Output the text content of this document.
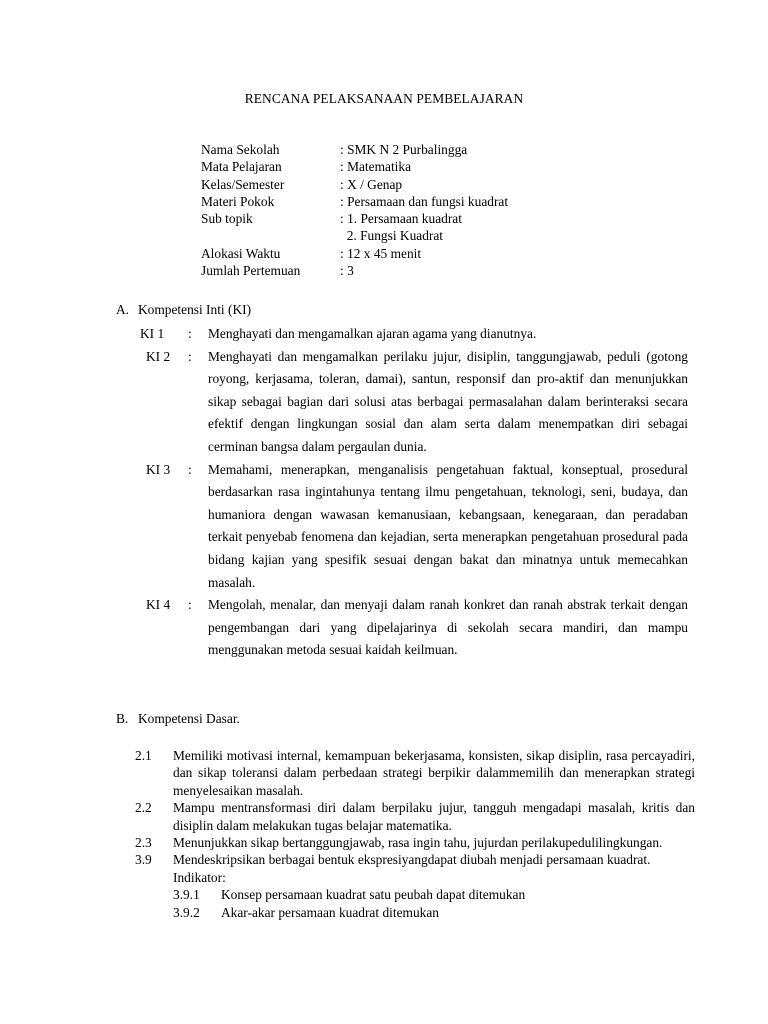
RENCANA PELAKSANAAN PEMBELAJARAN
Nama Sekolah	: SMK N 2 Purbalingga
Mata Pelajaran	: Matematika
Kelas/Semester	: X / Genap
Materi Pokok	: Persamaan dan fungsi kuadrat
Sub topik	: 1. Persamaan kuadrat
2. Fungsi Kuadrat
Alokasi Waktu	: 12 x 45 menit
Jumlah Pertemuan	: 3
A. Kompetensi Inti (KI)
KI 1	:	Menghayati dan mengamalkan ajaran agama yang dianutnya.
KI 2	:	Menghayati dan mengamalkan perilaku jujur, disiplin, tanggungjawab, peduli (gotong royong, kerjasama, toleran, damai), santun, responsif dan pro-aktif dan menunjukkan sikap sebagai bagian dari solusi atas berbagai permasalahan dalam berinteraksi secara efektif dengan lingkungan sosial dan alam serta dalam menempatkan diri sebagai cerminan bangsa dalam pergaulan dunia.
KI 3	:	Memahami, menerapkan, menganalisis pengetahuan faktual, konseptual, prosedural berdasarkan rasa ingintahunya tentang ilmu pengetahuan, teknologi, seni, budaya, dan humaniora dengan wawasan kemanusiaan, kebangsaan, kenegaraan, dan peradaban terkait penyebab fenomena dan kejadian, serta menerapkan pengetahuan prosedural pada bidang kajian yang spesifik sesuai dengan bakat dan minatnya untuk memecahkan masalah.
KI 4	:	Mengolah, menalar, dan menyaji dalam ranah konkret dan ranah abstrak terkait dengan pengembangan dari yang dipelajarinya di sekolah secara mandiri, dan mampu menggunakan metoda sesuai kaidah keilmuan.
B. Kompetensi Dasar.
2.1	Memiliki motivasi internal, kemampuan bekerjasama, konsisten, sikap disiplin, rasa percayadiri, dan sikap toleransi dalam perbedaan strategi berpikir dalammemilih dan menerapkan strategi menyelesaikan masalah.
2.2	Mampu mentransformasi diri dalam berpilaku jujur, tangguh mengadapi masalah, kritis dan disiplin dalam melakukan tugas belajar matematika.
2.3	Menunjukkan sikap bertanggungjawab, rasa ingin tahu, jujurdan perilakupedulilingkungan.
3.9	Mendeskripsikan berbagai bentuk ekspresiyangdapat diubah menjadi persamaan kuadrat.
Indikator:
3.9.1	Konsep persamaan kuadrat satu peubah dapat ditemukan
3.9.2	Akar-akar persamaan kuadrat ditemukan
